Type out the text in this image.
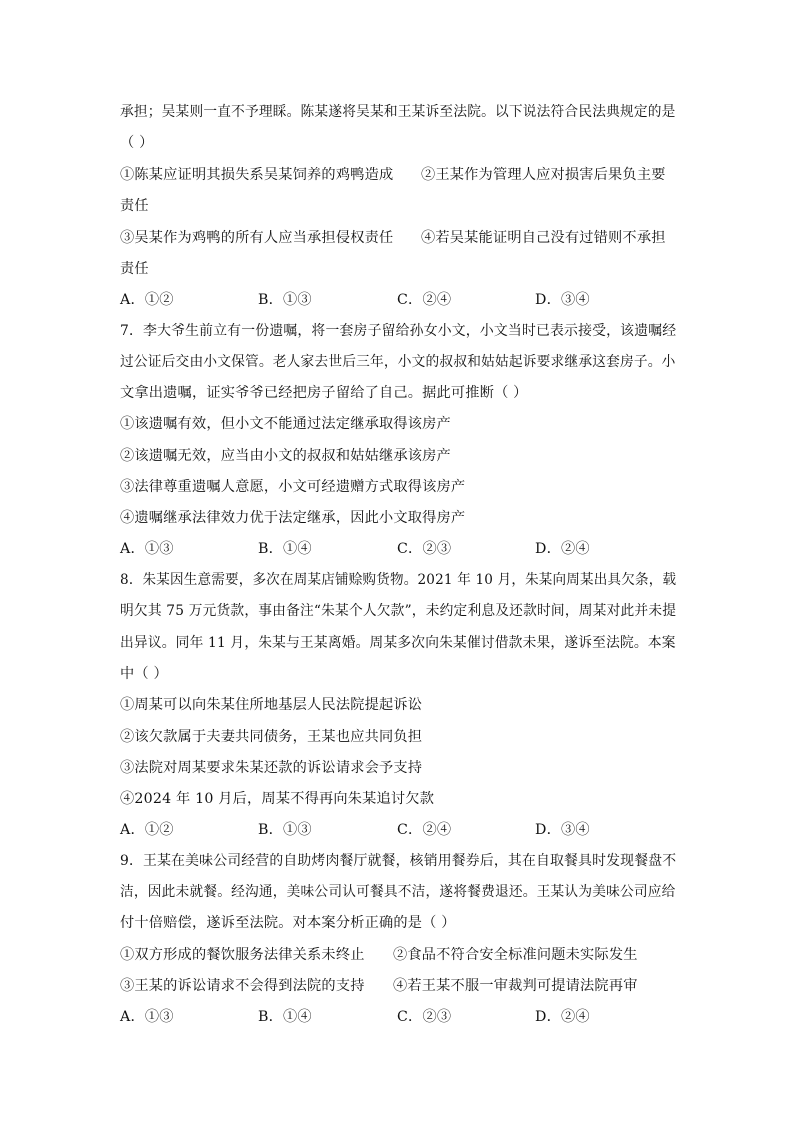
承担；吴某则一直不予理睬。陈某遂将吴某和王某诉至法院。以下说法符合民法典规定的是
（ ）
①陈某应证明其损失系吴某饲养的鸡鸭造成 ②王某作为管理人应对损害后果负主要
责任
③吴某作为鸡鸭的所有人应当承担侵权责任 ④若吴某能证明自己没有过错则不承担
责任
A．①②	B．①③	C．②④	D．③④
7．李大爷生前立有一份遗嘱，将一套房子留给孙女小文，小文当时已表示接受，该遗嘱经
过公证后交由小文保管。老人家去世后三年，小文的叔叔和姑姑起诉要求继承这套房子。小
文拿出遗嘱，证实爷爷已经把房子留给了自己。据此可推断（ ）
①该遗嘱有效，但小文不能通过法定继承取得该房产
②该遗嘱无效，应当由小文的叔叔和姑姑继承该房产
③法律尊重遗嘱人意愿，小文可经遗赠方式取得该房产
④遗嘱继承法律效力优于法定继承，因此小文取得房产
A．①③	B．①④	C．②③	D．②④
8．朱某因生意需要，多次在周某店铺赊购货物。2021 年 10 月，朱某向周某出具欠条，载
明欠其 75 万元货款，事由备注“朱某个人欠款”，未约定利息及还款时间，周某对此并未提
出异议。同年 11 月，朱某与王某离婚。周某多次向朱某催讨借款未果，遂诉至法院。本案
中（ ）
①周某可以向朱某住所地基层人民法院提起诉讼
②该欠款属于夫妻共同债务，王某也应共同负担
③法院对周某要求朱某还款的诉讼请求会予支持
④2024 年 10 月后，周某不得再向朱某追讨欠款
A．①②	B．①③	C．②④	D．③④
9．王某在美味公司经营的自助烤肉餐厅就餐，核销用餐券后，其在自取餐具时发现餐盘不
洁，因此未就餐。经沟通，美味公司认可餐具不洁，遂将餐费退还。王某认为美味公司应给
付十倍赔偿，遂诉至法院。对本案分析正确的是（ ）
①双方形成的餐饮服务法律关系未终止 ②食品不符合安全标准问题未实际发生
③王某的诉讼请求不会得到法院的支持 ④若王某不服一审裁判可提请法院再审
A．①③	B．①④	C．②③	D．②④
